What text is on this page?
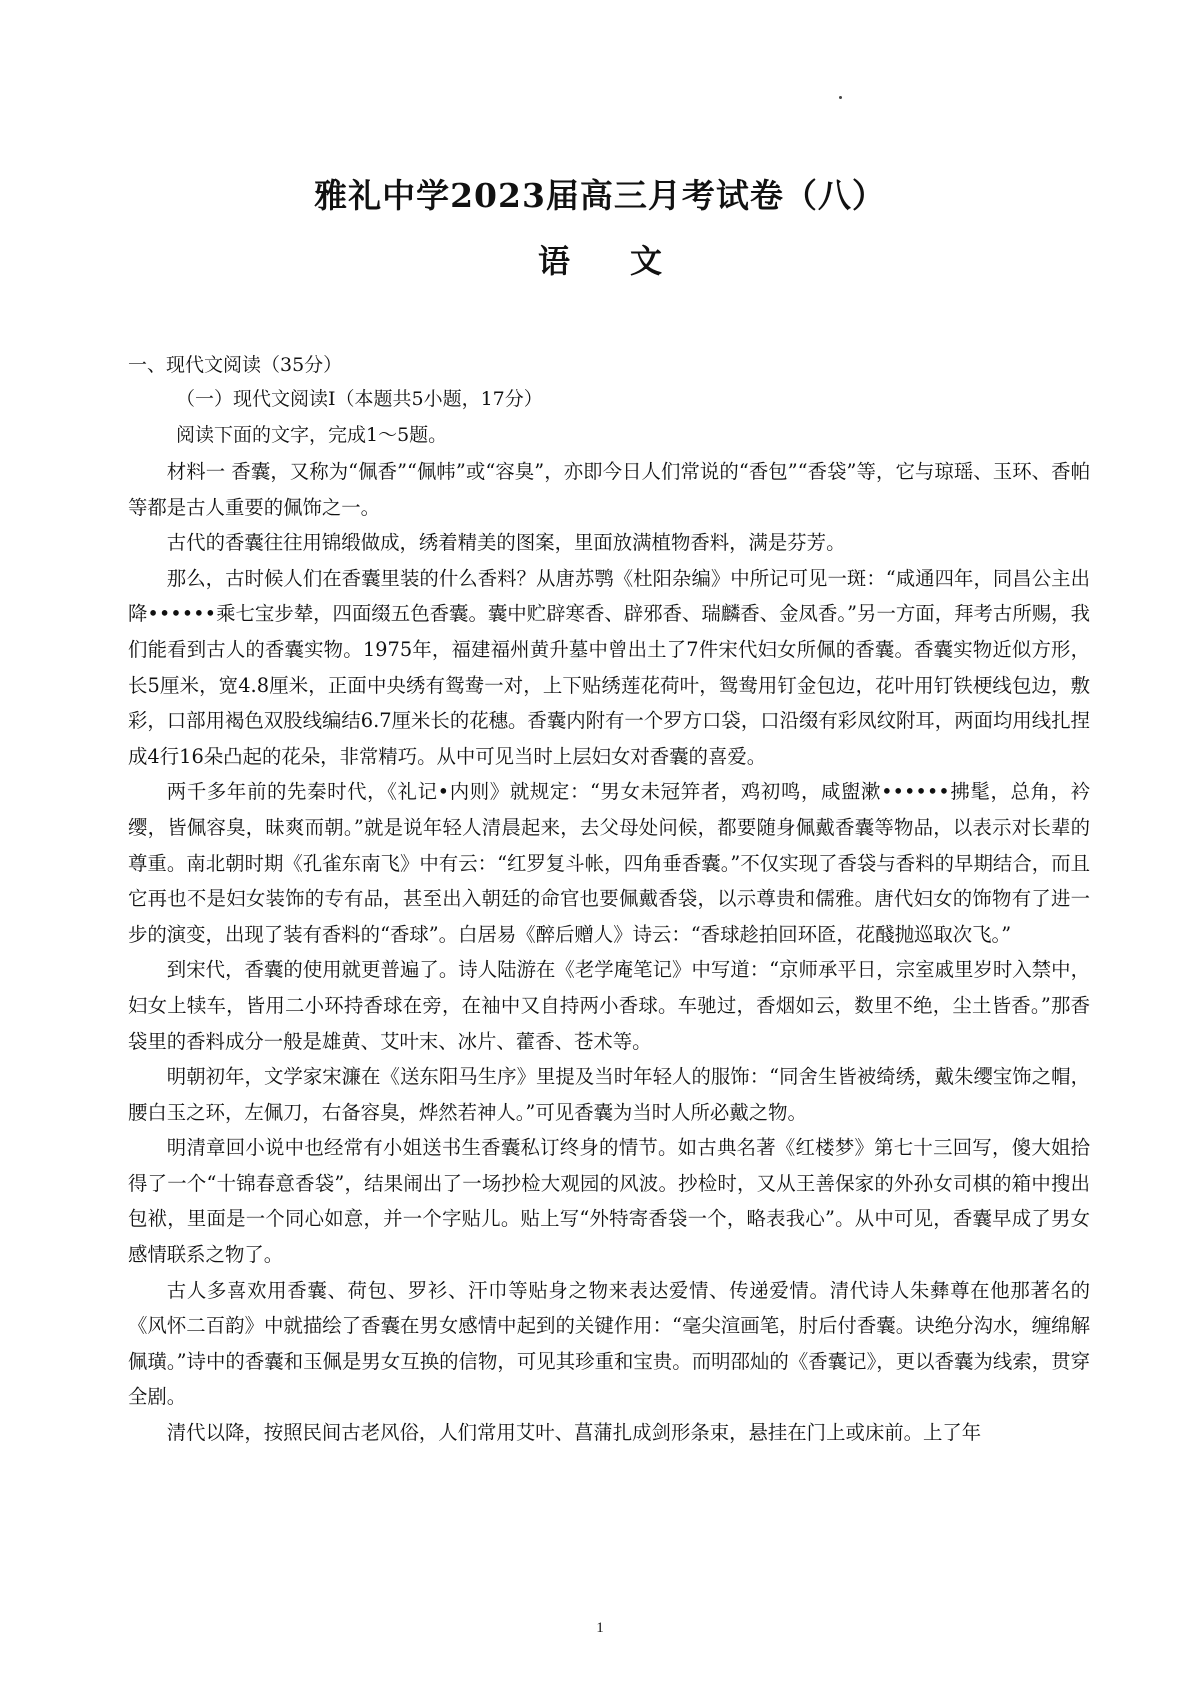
雅礼中学2023届高三月考试卷（八）
语 文
一、现代文阅读（35分）
（一）现代文阅读Ⅰ（本题共5小题，17分）
阅读下面的文字，完成1～5题。

材料一 香囊，又称为“佩香”“佩帏”或“容臭”，亦即今日人们常说的“香包”“香袋”等，它与琼瑶、玉环、香帕等都是古人重要的佩饰之一。

古代的香囊往往用锦缎做成，绣着精美的图案，里面放满植物香料，满是芬芳。

那么，古时候人们在香囊里装的什么香料？从唐苏鹗《杜阳杂编》中所记可见一斑：“咸通四年，同昌公主出降••••••乘七宝步辇，四面缀五色香囊。囊中贮辟寒香、辟邪香、瑞麟香、金凤香。”另一方面，拜考古所赐，我们能看到古人的香囊实物。1975年，福建福州黄升墓中曾出土了7件宋代妇女所佩的香囊。香囊实物近似方形，长5厘米，宽4.8厘米，正面中央绣有鸳鸯一对，上下贴绣莲花荷叶，鸳鸯用钉金包边，花叶用钉铁梗线包边，敷彩，口部用褐色双股线编结6.7厘米长的花穗。香囊内附有一个罗方口袋，口沿缀有彩凤纹附耳，两面均用线扎捏成4行16朵凸起的花朵，非常精巧。从中可见当时上层妇女对香囊的喜爱。

两千多年前的先秦时代，《礼记•内则》就规定：“男女未冠笄者，鸡初鸣，咸盥漱••••••拂髦，总角，衿缨，皆佩容臭，昧爽而朝。”就是说年轻人清晨起来，去父母处问候，都要随身佩戴香囊等物品，以表示对长辈的尊重。南北朝时期《孔雀东南飞》中有云：“红罗复斗帐，四角垂香囊。”不仅实现了香袋与香料的早期结合，而且它再也不是妇女装饰的专有品，甚至出入朝廷的命官也要佩戴香袋，以示尊贵和儒雅。唐代妇女的饰物有了进一步的演变，出现了装有香料的“香球”。白居易《醉后赠人》诗云：“香球趁拍回环匼，花醆抛巡取次飞。”

到宋代，香囊的使用就更普遍了。诗人陆游在《老学庵笔记》中写道：“京师承平日，宗室戚里岁时入禁中，妇女上犊车，皆用二小环持香球在旁，在袖中又自持两小香球。车驰过，香烟如云，数里不绝，尘土皆香。”那香袋里的香料成分一般是雄黄、艾叶末、冰片、藿香、苍术等。

明朝初年，文学家宋濂在《送东阳马生序》里提及当时年轻人的服饰：“同舍生皆被绮绣，戴朱缨宝饰之帽，腰白玉之环，左佩刀，右备容臭，烨然若神人。”可见香囊为当时人所必戴之物。

明清章回小说中也经常有小姐送书生香囊私订终身的情节。如古典名著《红楼梦》第七十三回写，傻大姐拾得了一个“十锦春意香袋”，结果闹出了一场抄检大观园的风波。抄检时，又从王善保家的外孙女司棋的箱中搜出包袱，里面是一个同心如意，并一个字贴儿。贴上写“外特寄香袋一个，略表我心”。从中可见，香囊早成了男女感情联系之物了。

古人多喜欢用香囊、荷包、罗衫、汗巾等贴身之物来表达爱情、传递爱情。清代诗人朱彝尊在他那著名的《风怀二百韵》中就描绘了香囊在男女感情中起到的关键作用：“毫尖渲画笔，肘后付香囊。诀绝分沟水，缠绵解佩璜。”诗中的香囊和玉佩是男女互换的信物，可见其珍重和宝贵。而明邵灿的《香囊记》，更以香囊为线索，贯穿全剧。

清代以降，按照民间古老风俗，人们常用艾叶、菖蒲扎成剑形条束，悬挂在门上或床前。上了年

1
